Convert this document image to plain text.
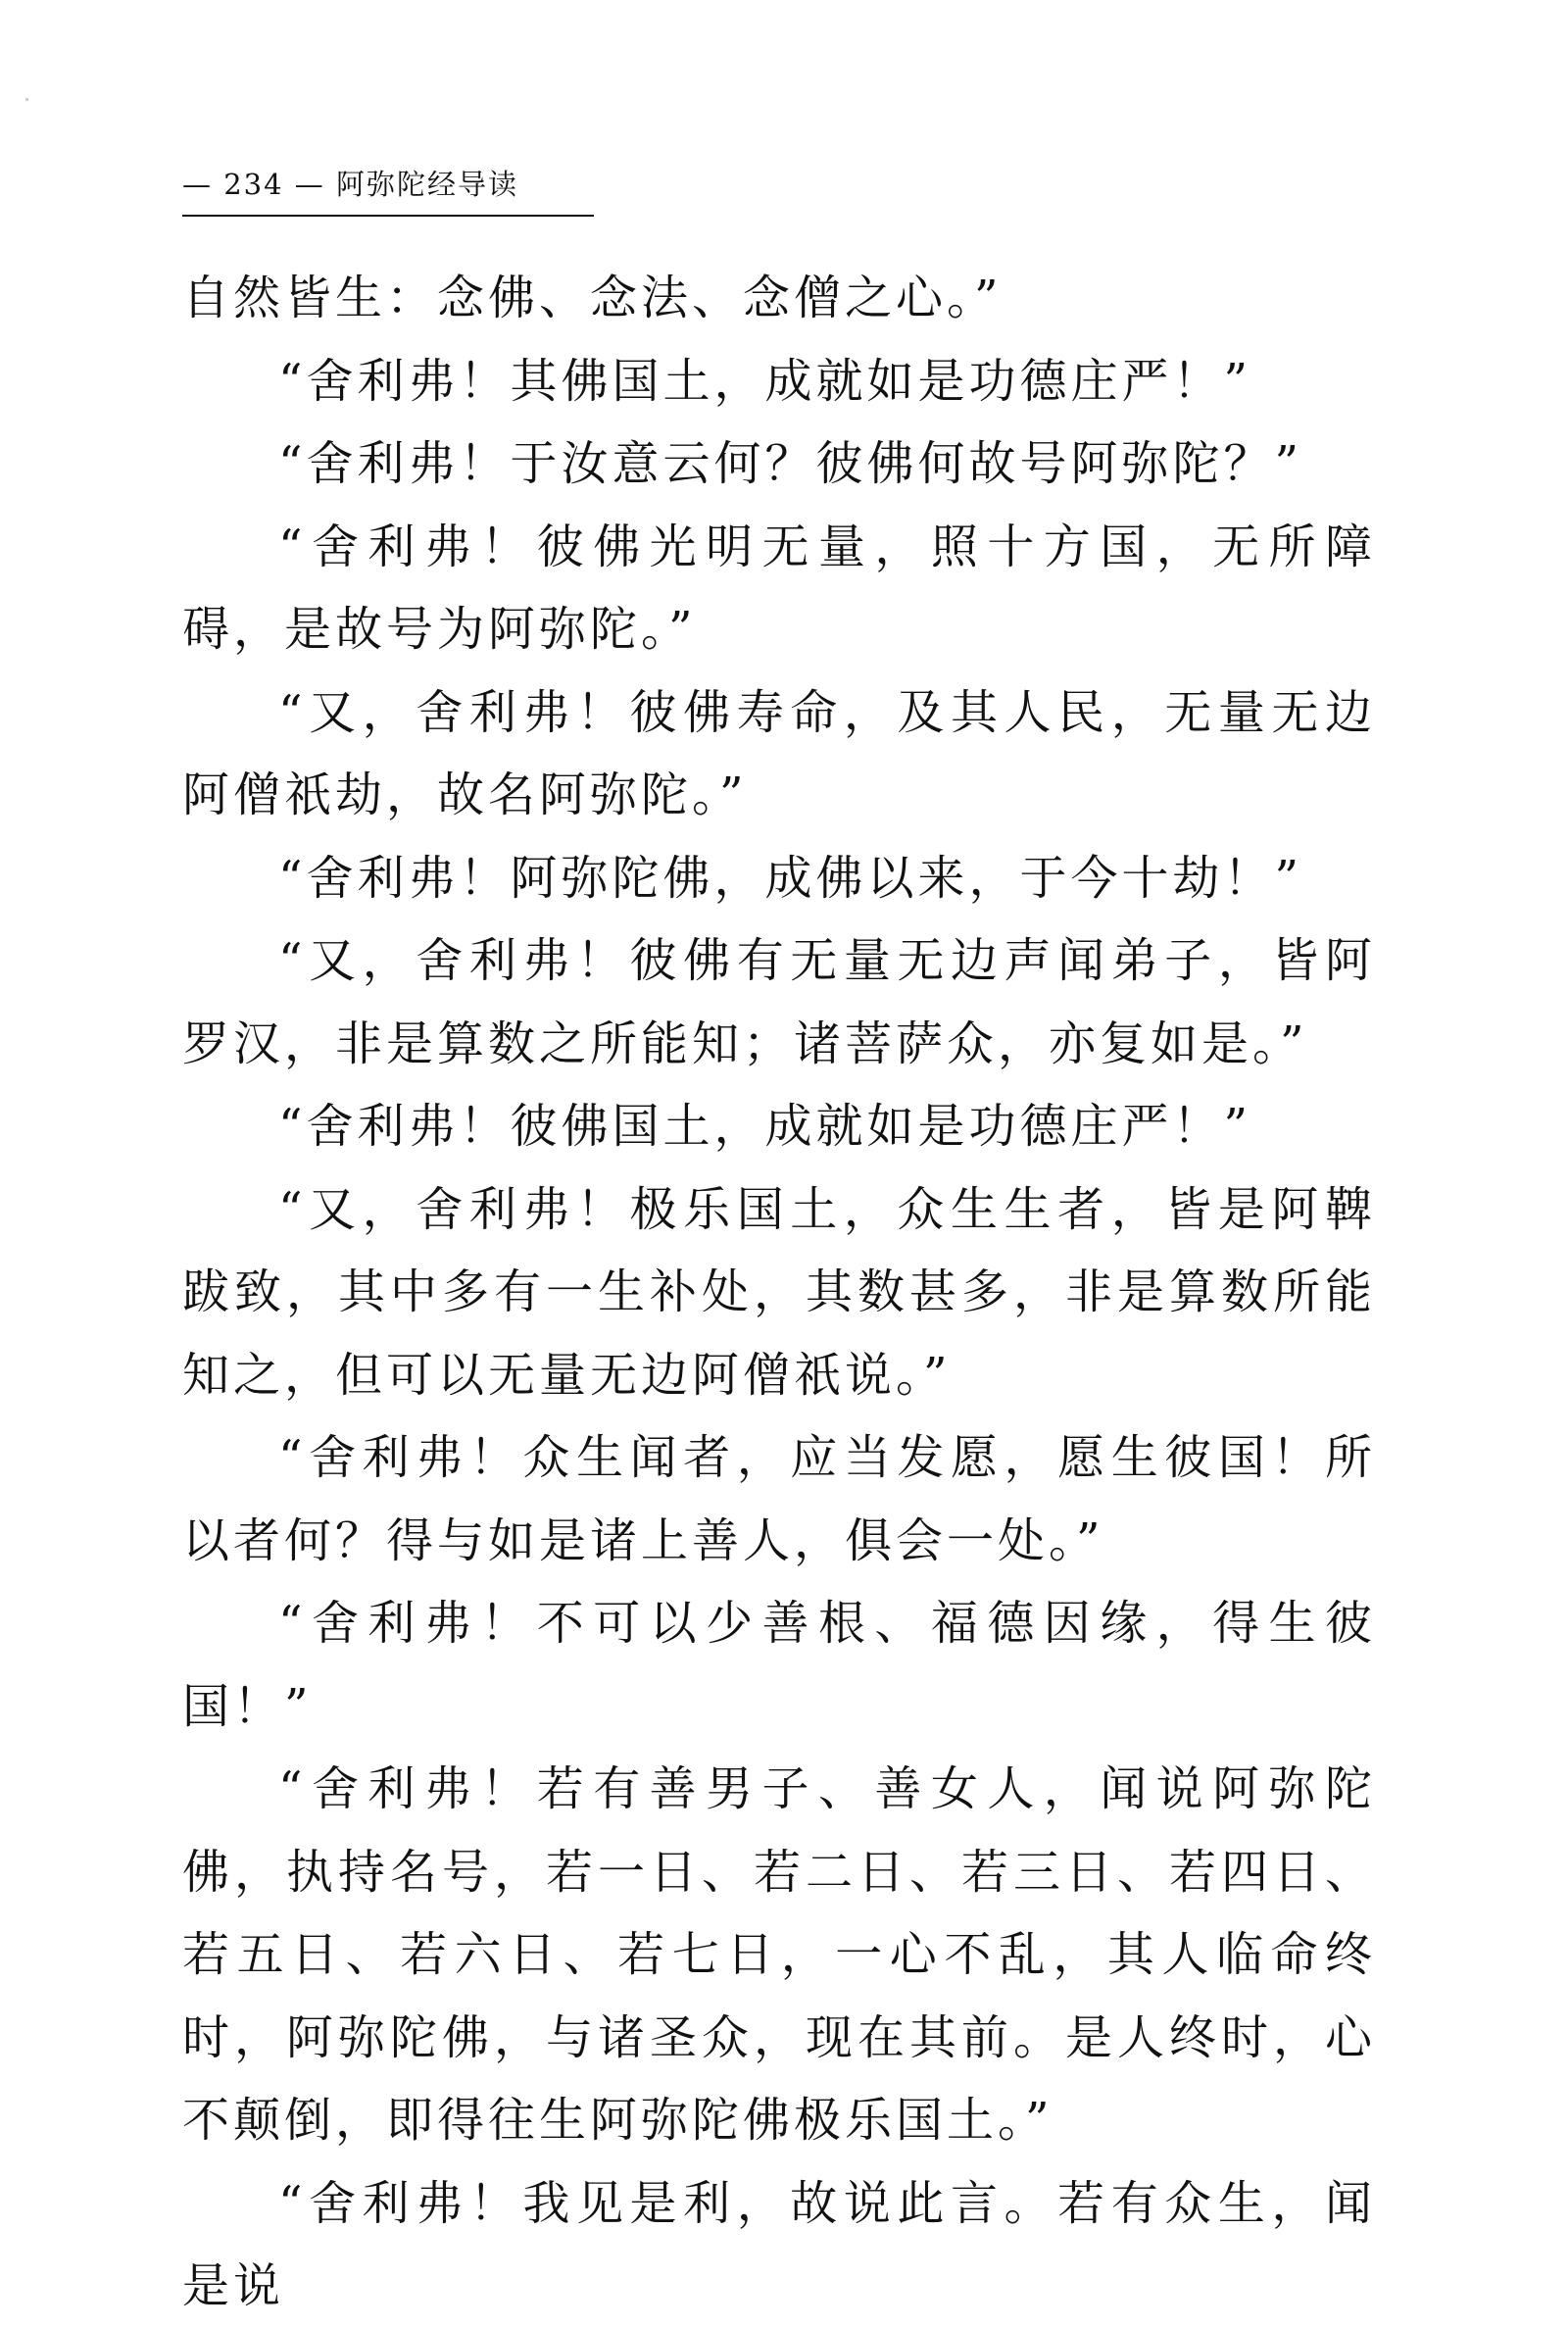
— 234 — 阿弥陀经导读

自然皆生：念佛、念法、念僧之心。”

“舍利弗！其佛国土，成就如是功德庄严！”

“舍利弗！于汝意云何？彼佛何故号阿弥陀？”

“舍利弗！彼佛光明无量，照十方国，无所障碍，是故号为阿弥陀。”

“又，舍利弗！彼佛寿命，及其人民，无量无边阿僧祇劫，故名阿弥陀。”

“舍利弗！阿弥陀佛，成佛以来，于今十劫！”

“又，舍利弗！彼佛有无量无边声闻弟子，皆阿罗汉，非是算数之所能知；诸菩萨众，亦复如是。”

“舍利弗！彼佛国土，成就如是功德庄严！”

“又，舍利弗！极乐国土，众生生者，皆是阿鞞跋致，其中多有一生补处，其数甚多，非是算数所能知之，但可以无量无边阿僧祇说。”

“舍利弗！众生闻者，应当发愿，愿生彼国！所以者何？得与如是诸上善人，俱会一处。”

“舍利弗！不可以少善根、福德因缘，得生彼国！”

“舍利弗！若有善男子、善女人，闻说阿弥陀佛，执持名号，若一日、若二日、若三日、若四日、若五日、若六日、若七日，一心不乱，其人临命终时，阿弥陀佛，与诸圣众，现在其前。是人终时，心不颠倒，即得往生阿弥陀佛极乐国土。”

“舍利弗！我见是利，故说此言。若有众生，闻是说
